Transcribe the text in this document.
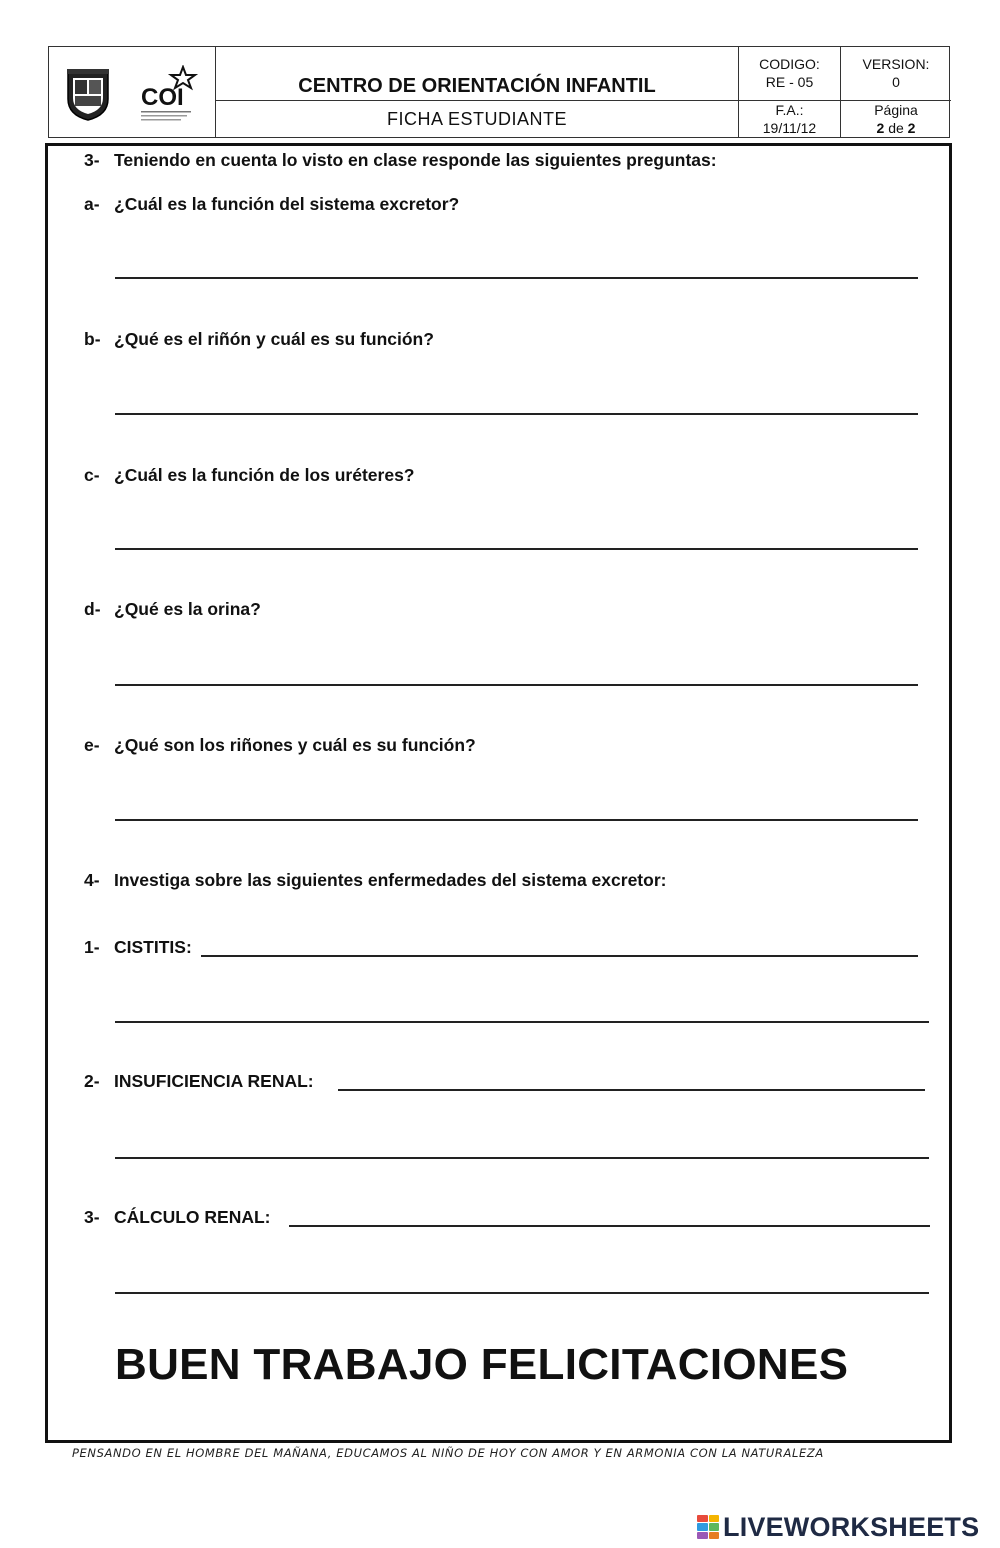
COI	CENTRO DE ORIENTACIÓN INFANTIL
FICHA ESTUDIANTE
CODIGO:
RE - 05
VERSION:
0
F.A.:
19/11/12
Página
2 de 2
3- Teniendo en cuenta lo visto en clase responde las siguientes preguntas:
a- ¿Cuál es la función del sistema excretor?
b- ¿Qué es el riñón y cuál es su función?
c- ¿Cuál es la función de los uréteres?
d- ¿Qué es la orina?
e- ¿Qué son los riñones y cuál es su función?
4- Investiga sobre las siguientes enfermedades del sistema excretor:
1- CISTITIS:
2- INSUFICIENCIA RENAL:
3- CÁLCULO RENAL:
BUEN TRABAJO FELICITACIONES
PENSANDO EN EL HOMBRE DEL MAÑANA, EDUCAMOS AL NIÑO DE HOY CON AMOR Y EN ARMONIA CON LA NATURALEZA
LIVEWORKSHEETS
